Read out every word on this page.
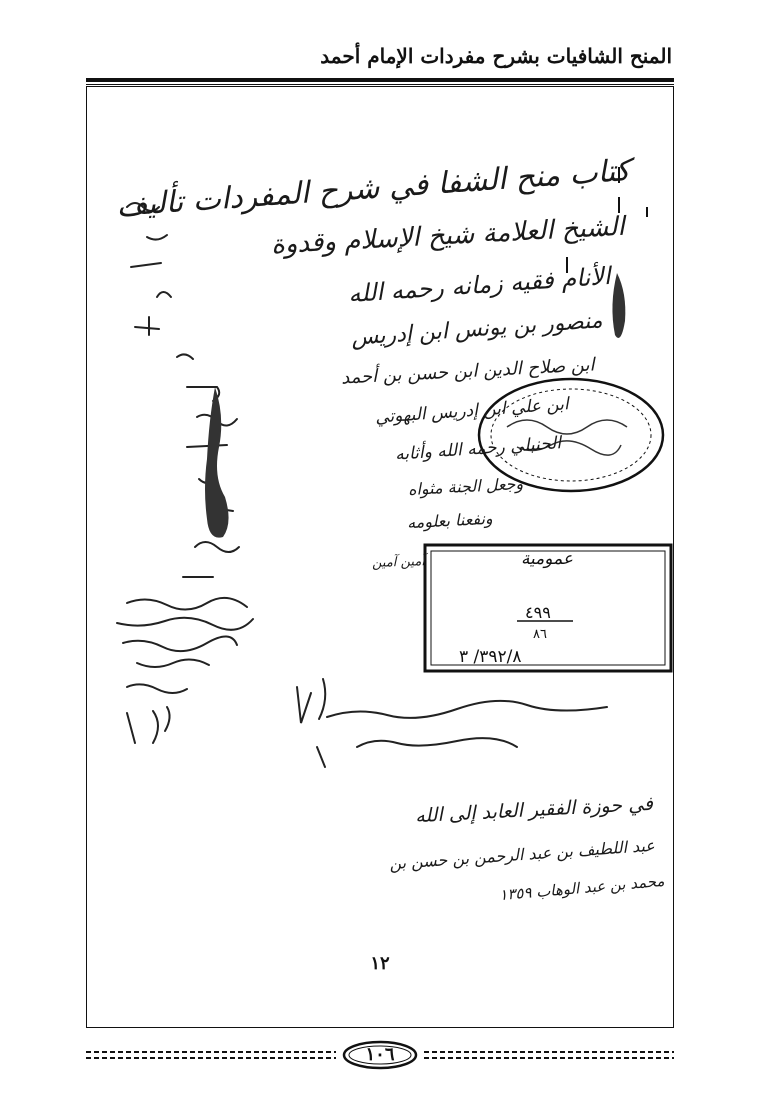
المنح الشافيات بشرح مفردات الإمام أحمد
كتاب منح الشفا في شرح المفردات تأليف
الشيخ العلامة شيخ الإسلام وقدوة
الأنام فقيه زمانه رحمه الله
منصور بن يونس ابن إدريس
ابن صلاح الدين ابن حسن بن أحمد
ابن علي ابن إدريس البهوتي
الحنبلي رحمه الله وأثابه
وجعل الجنة مثواه
ونفعنا بعلومه
آمين آمين	عمومية
٤٩٩
٨٦
٣٩٢/٨/ ٣
في حوزة الفقير العابد إلى الله
عبد اللطيف بن عبد الرحمن بن حسن بن
محمد بن عبد الوهاب ١٣٥٩
١٢
١٠٦
